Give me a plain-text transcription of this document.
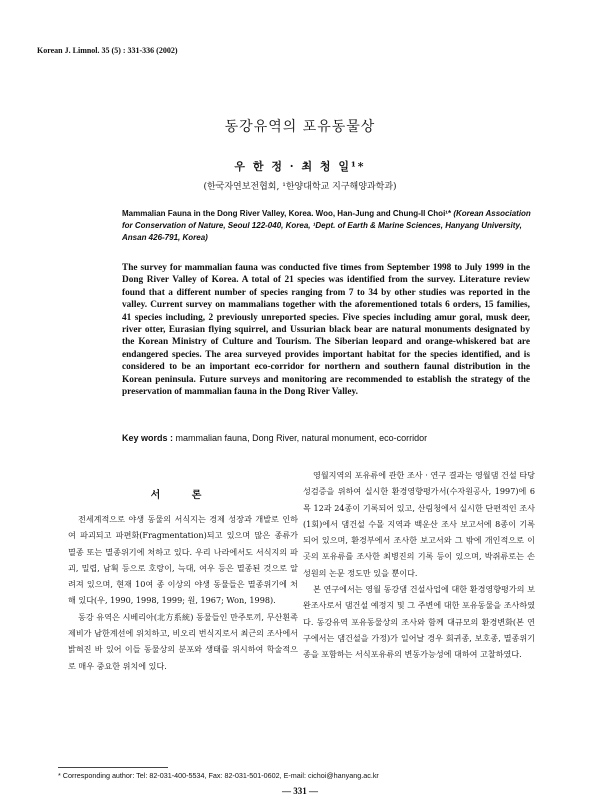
Korean J. Limnol. 35 (5) : 331-336 (2002)
동강유역의 포유동물상
우 한 정 · 최 청 일¹*
(한국자연보전협회, ¹한양대학교 지구해양과학과)
Mammalian Fauna in the Dong River Valley, Korea. Woo, Han-Jung and Chung-Il Choi¹* (Korean Association for Conservation of Nature, Seoul 122-040, Korea, ¹Dept. of Earth & Marine Sciences, Hanyang University, Ansan 426-791, Korea)
The survey for mammalian fauna was conducted five times from September 1998 to July 1999 in the Dong River Valley of Korea. A total of 21 species was identified from the survey. Literature review found that a different number of species ranging from 7 to 34 by other studies was reported in the valley. Current survey on mammalians together with the aforementioned totals 6 orders, 15 families, 41 species including, 2 previously unreported species. Five species including amur goral, musk deer, river otter, Eurasian flying squirrel, and Ussurian black bear are natural monuments designated by the Korean Ministry of Culture and Tourism. The Siberian leopard and orange-whiskered bat are endangered species. The area surveyed provides important habitat for the species identified, and is considered to be an important eco-corridor for northern and southern faunal distribution in the Korean peninsula. Future surveys and monitoring are recommended to establish the strategy of the preservation of mammalian fauna in the Dong River Valley.
Key words : mammalian fauna, Dong River, natural monument, eco-corridor
서 론

전세계적으로 야생 동물의 서식지는 경제 성장과 개발로 인하여 파괴되고 파편화(Fragmentation)되고 있으며 많은 종류가 멸종 또는 멸종위기에 처하고 있다. 우리 나라에서도 서식지의 파괴, 밀렵, 남획 등으로 호랑이, 늑대, 여우 등은 멸종된 것으로 알려져 있으며, 현재 10여 종 이상의 야생 동물들은 멸종위기에 처해 있다(우, 1990, 1998, 1999; 원, 1967; Won, 1998).

동강 유역은 시베리아(北方系統) 동물들인 만주토끼, 무산흰족제비가 남한계선에 위치하고, 비오리 번식지로서 최근의 조사에서 밝혀진 바 있어 이들 동물상의 분포와 생태를 위시하여 학술적으로 매우 중요한 위치에 있다.

영월지역의 포유류에 관한 조사 · 연구 결과는 영월댐 건설 타당성검증을 위하여 실시한 환경영향평가서(수자원공사, 1997)에 6목 12과 24종이 기록되어 있고, 산림청에서 실시한 단편적인 조사(1회)에서 댐건설 수몰 지역과 백운산 조사 보고서에 8종이 기록되어 있으며, 환경부에서 조사한 보고서와 그 밖에 개인적으로 이곳의 포유류를 조사한 최병진의 기록 등이 있으며, 박쥐류로는 손성원의 논문 정도만 있을 뿐이다.

본 연구에서는 영월 동강댐 건설사업에 대한 환경영향평가의 보완조사로서 댐건설 예정지 및 그 주변에 대한 포유동물을 조사하였다. 동강유역 포유동물상의 조사와 함께 대규모의 환경변화(본 연구에서는 댐건설을 가정)가 일어날 경우 회귀종, 보호종, 멸종위기종을 포함하는 서식포유류의 변동가능성에 대하여 고찰하였다.

* Corresponding author: Tel: 82-031-400-5534, Fax: 82-031-501-0602, E-mail: cichoi@hanyang.ac.kr
— 331 —
